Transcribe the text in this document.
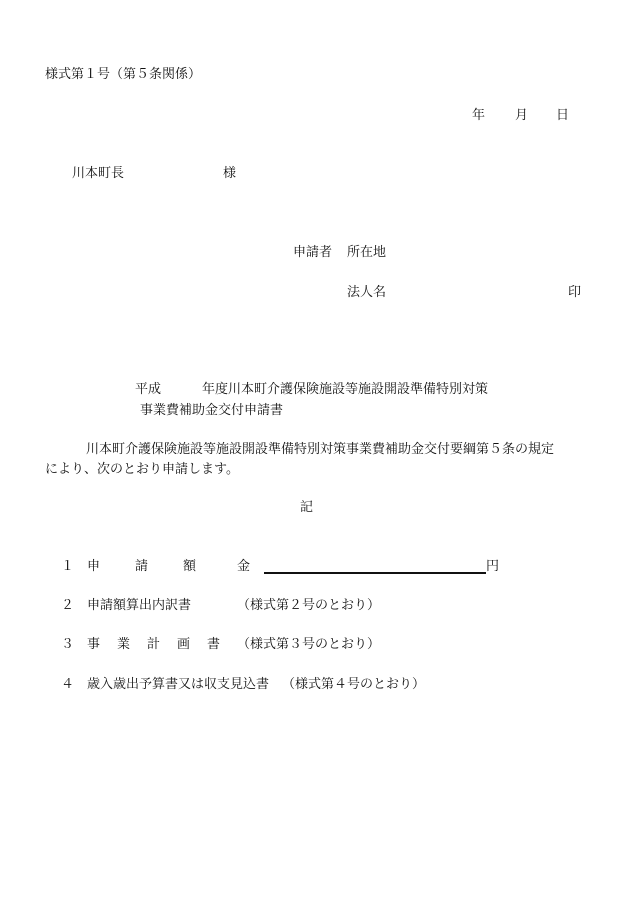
様式第１号（第５条関係）
年 月 日
川本町長	様
申請者 所在地
法人名	印
平成	年度川本町介護保険施設等施設開設準備特別対策
事業費補助金交付申請書
川本町介護保険施設等施設開設準備特別対策事業費補助金交付要綱第５条の規定
により、次のとおり申請します。
記
１ 申	請	額	金	円
２ 申請額算出内訳書	（様式第２号のとおり）
３ 事 業 計 画 書 （様式第３号のとおり）
４ 歳入歳出予算書又は収支見込書 （様式第４号のとおり）
